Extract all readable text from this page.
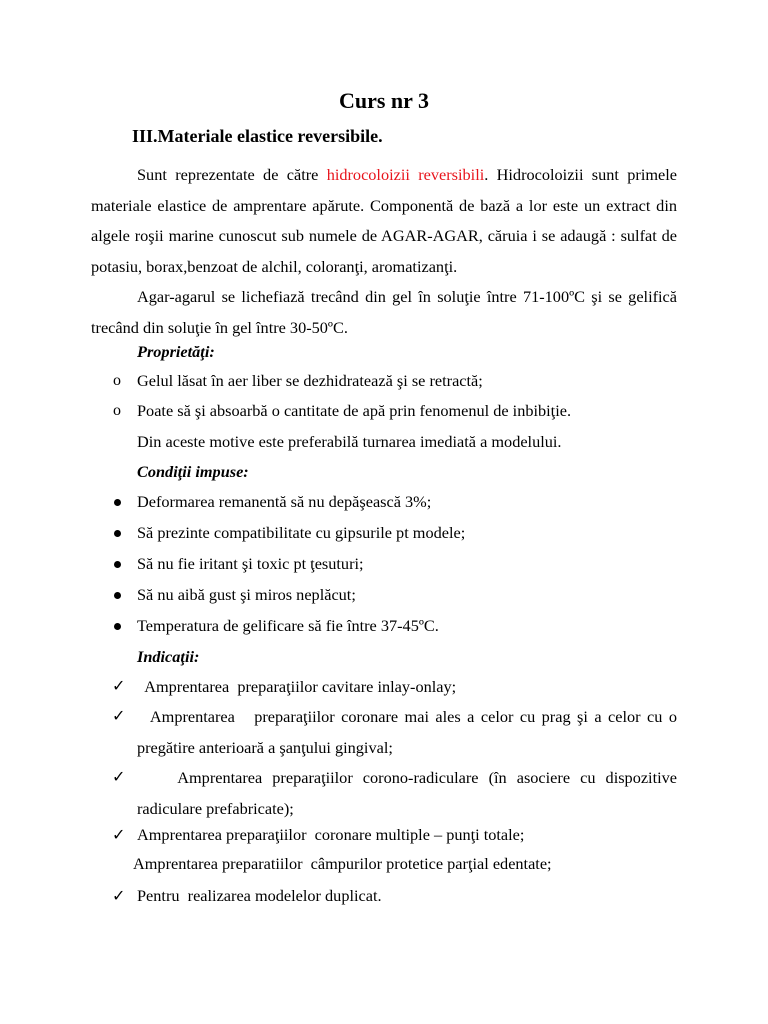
Curs nr 3
III.Materiale elastice reversibile.

Sunt reprezentate de către hidrocoloizii reversibili. Hidrocoloizii sunt primele materiale elastice de amprentare apărute. Componentă de bază a lor este un extract din algele roşii marine cunoscut sub numele de AGAR-AGAR, căruia i se adaugă : sulfat de potasiu, borax,benzoat de alchil, coloranţi, aromatizanţi.

Agar-agarul se lichefiază trecând din gel în soluţie între 71-100ºC şi se gelifică trecând din soluţie în gel între 30-50ºC.

Proprietăţi:

o Gelul lăsat în aer liber se dezhidratează şi se retractă;

o Poate să şi absoarbă o cantitate de apă prin fenomenul de inbibiţie.

Din aceste motive este preferabilă turnarea imediată a modelului.

Condiţii impuse:

Deformarea remanentă să nu depăşească 3%;

Să prezinte compatibilitate cu gipsurile pt modele;

Să nu fie iritant şi toxic pt ţesuturi;

Să nu aibă gust şi miros neplăcut;

Temperatura de gelificare să fie între 37-45ºC.

Indicaţii:

✓ Amprentarea  preparaţiilor cavitare inlay-onlay;

✓ Amprentarea   preparaţiilor coronare mai ales a celor cu prag şi a celor cu o pregătire anterioară a şanţului gingival;

✓ Amprentarea preparaţiilor corono-radiculare (în asociere cu dispozitive radiculare prefabricate);

✓ Amprentarea preparaţiilor  coronare multiple – punţi totale;

Amprentarea preparatiilor  câmpurilor protetice parţial edentate;

✓ Pentru  realizarea modelelor duplicat.
